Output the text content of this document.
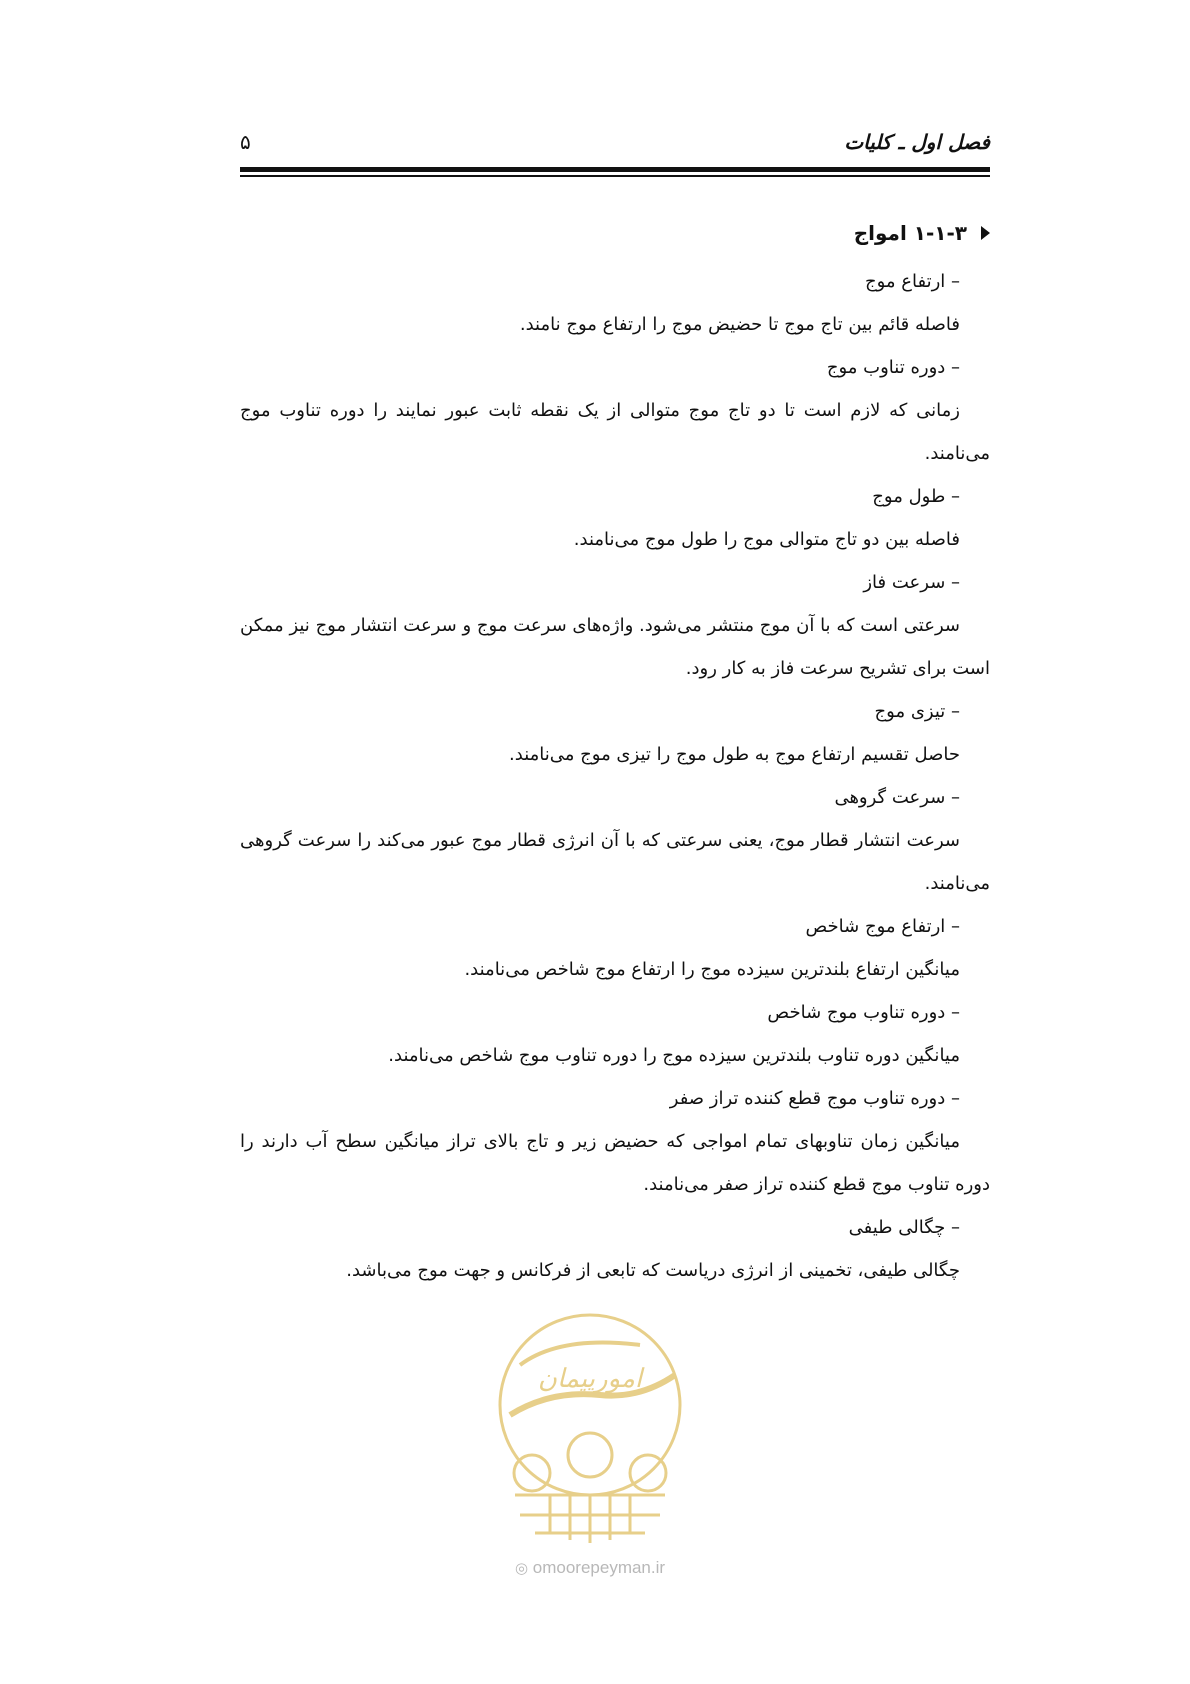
فصل اول ـ کلیات
۵
۱-۱-۳ امواج
– ارتفاع موج
فاصله قائم بین تاج موج تا حضیض موج را ارتفاع موج نامند.
– دوره تناوب موج
زمانی که لازم است تا دو تاج موج متوالی از یک نقطه ثابت عبور نمایند را دوره تناوب موج می‌نامند.
– طول موج
فاصله بین دو تاج متوالی موج را طول موج می‌نامند.
– سرعت فاز
سرعتی است که با آن موج منتشر می‌شود. واژه‌های سرعت موج و سرعت انتشار موج نیز ممکن است برای تشریح سرعت فاز به کار رود.
– تیزی موج
حاصل تقسیم ارتفاع موج به طول موج را تیزی موج می‌نامند.
– سرعت گروهی
سرعت انتشار قطار موج، یعنی سرعتی که با آن انرژی قطار موج عبور می‌کند را سرعت گروهی می‌نامند.
– ارتفاع موج شاخص
میانگین ارتفاع بلندترین سیزده موج را ارتفاع موج شاخص می‌نامند.
– دوره تناوب موج شاخص
میانگین دوره تناوب بلندترین سیزده موج را دوره تناوب موج شاخص می‌نامند.
– دوره تناوب موج قطع کننده تراز صفر
میانگین زمان تناوبهای تمام امواجی که حضیض زیر و تاج بالای تراز میانگین سطح آب دارند را دوره تناوب موج قطع کننده تراز صفر می‌نامند.
– چگالی طیفی
چگالی طیفی، تخمینی از انرژی دریاست که تابعی از فرکانس و جهت موج می‌باشد.
امورپیمان
◎ omoorepeyman.ir
